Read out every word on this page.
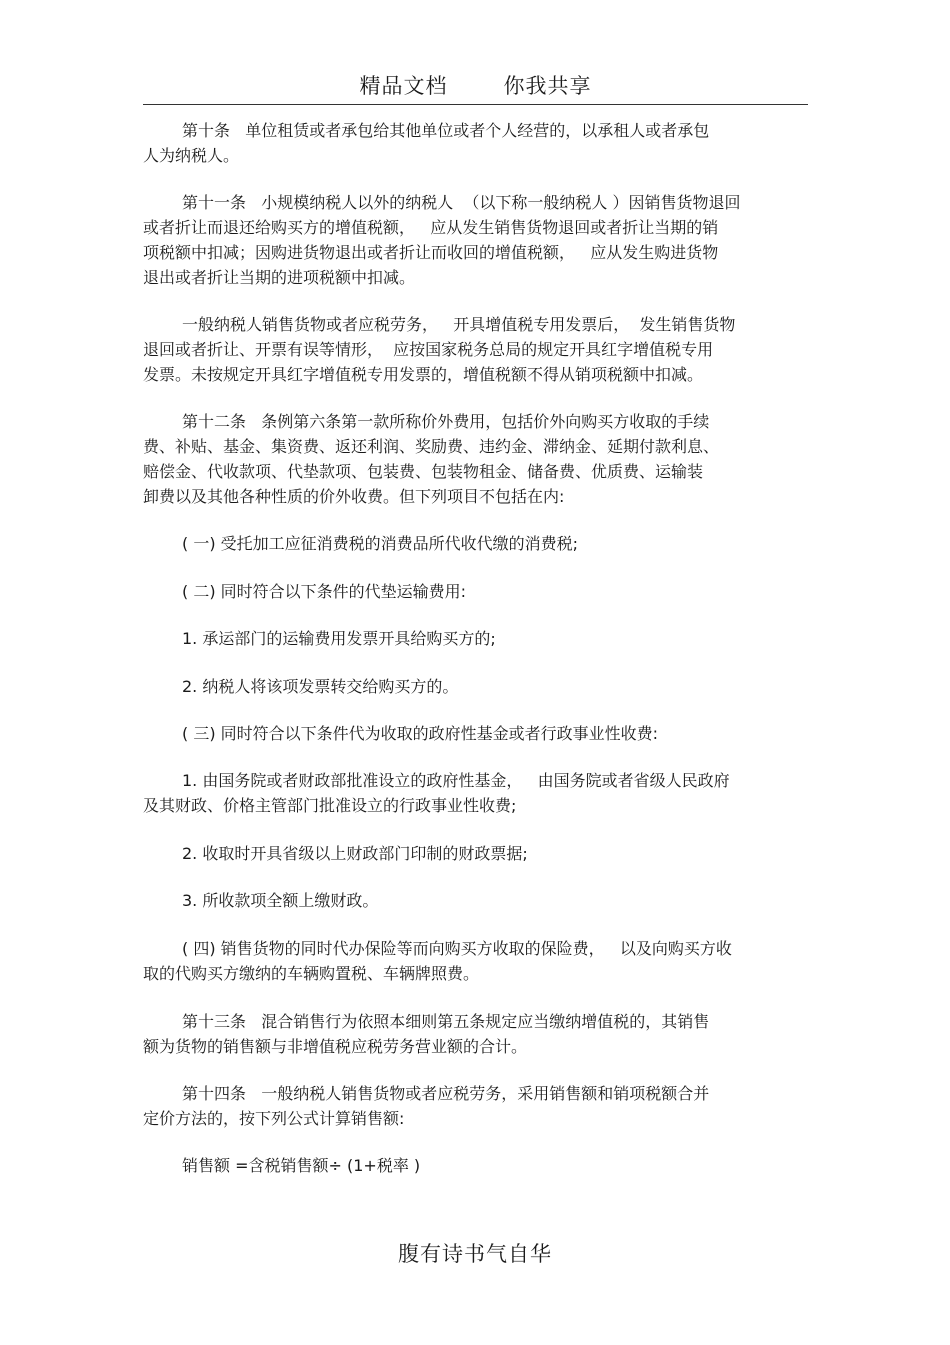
精品文档	你我共享
第十条   单位租赁或者承包给其他单位或者个人经营的，以承租人或者承包
人为纳税人。
第十一条   小规模纳税人以外的纳税人  （以下称一般纳税人 ）因销售货物退回
或者折让而退还给购买方的增值税额，   应从发生销售货物退回或者折让当期的销
项税额中扣减；因购进货物退出或者折让而收回的增值税额，   应从发生购进货物
退出或者折让当期的进项税额中扣减。
一般纳税人销售货物或者应税劳务，   开具增值税专用发票后，  发生销售货物
退回或者折让、开票有误等情形，  应按国家税务总局的规定开具红字增值税专用
发票。未按规定开具红字增值税专用发票的，增值税额不得从销项税额中扣减。
第十二条   条例第六条第一款所称价外费用，包括价外向购买方收取的手续
费、补贴、基金、集资费、返还利润、奖励费、违约金、滞纳金、延期付款利息、
赔偿金、代收款项、代垫款项、包装费、包装物租金、储备费、优质费、运输装
卸费以及其他各种性质的价外收费。但下列项目不包括在内:
( 一) 受托加工应征消费税的消费品所代收代缴的消费税;
( 二) 同时符合以下条件的代垫运输费用:
1. 承运部门的运输费用发票开具给购买方的;
2. 纳税人将该项发票转交给购买方的。
( 三) 同时符合以下条件代为收取的政府性基金或者行政事业性收费:
1. 由国务院或者财政部批准设立的政府性基金，   由国务院或者省级人民政府
及其财政、价格主管部门批准设立的行政事业性收费;
2. 收取时开具省级以上财政部门印制的财政票据;
3. 所收款项全额上缴财政。
( 四) 销售货物的同时代办保险等而向购买方收取的保险费，   以及向购买方收
取的代购买方缴纳的车辆购置税、车辆牌照费。
第十三条   混合销售行为依照本细则第五条规定应当缴纳增值税的，其销售
额为货物的销售额与非增值税应税劳务营业额的合计。
第十四条   一般纳税人销售货物或者应税劳务，采用销售额和销项税额合并
定价方法的，按下列公式计算销售额:
销售额 =含税销售额÷ (1+税率 )
腹有诗书气自华
